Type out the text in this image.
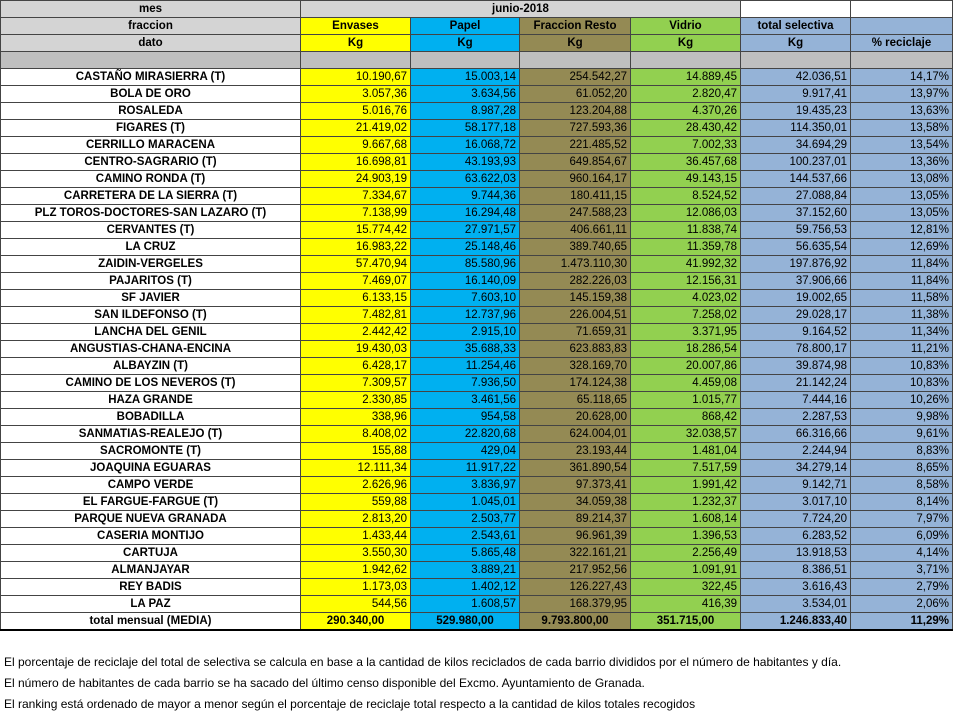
mes	junio-2018					
fraccion	Envases	Papel	Fraccion Resto	Vidrio	total selectiva	
dato	Kg	Kg	Kg	Kg	Kg	% reciclaje

CASTAÑO MIRASIERRA (T)	10.190,67	15.003,14	254.542,27	14.889,45	42.036,51	14,17%
BOLA DE ORO	3.057,36	3.634,56	61.052,20	2.820,47	9.917,41	13,97%
ROSALEDA	5.016,76	8.987,28	123.204,88	4.370,26	19.435,23	13,63%
FIGARES (T)	21.419,02	58.177,18	727.593,36	28.430,42	114.350,01	13,58%
CERRILLO MARACENA	9.667,68	16.068,72	221.485,52	7.002,33	34.694,29	13,54%
CENTRO-SAGRARIO (T)	16.698,81	43.193,93	649.854,67	36.457,68	100.237,01	13,36%
CAMINO RONDA (T)	24.903,19	63.622,03	960.164,17	49.143,15	144.537,66	13,08%
CARRETERA DE LA SIERRA (T)	7.334,67	9.744,36	180.411,15	8.524,52	27.088,84	13,05%
PLZ TOROS-DOCTORES-SAN LAZARO (T)	7.138,99	16.294,48	247.588,23	12.086,03	37.152,60	13,05%
CERVANTES (T)	15.774,42	27.971,57	406.661,11	11.838,74	59.756,53	12,81%
LA CRUZ	16.983,22	25.148,46	389.740,65	11.359,78	56.635,54	12,69%
ZAIDIN-VERGELES	57.470,94	85.580,96	1.473.110,30	41.992,32	197.876,92	11,84%
PAJARITOS (T)	7.469,07	16.140,09	282.226,03	12.156,31	37.906,66	11,84%
SF JAVIER	6.133,15	7.603,10	145.159,38	4.023,02	19.002,65	11,58%
SAN ILDEFONSO (T)	7.482,81	12.737,96	226.004,51	7.258,02	29.028,17	11,38%
LANCHA DEL GENIL	2.442,42	2.915,10	71.659,31	3.371,95	9.164,52	11,34%
ANGUSTIAS-CHANA-ENCINA	19.430,03	35.688,33	623.883,83	18.286,54	78.800,17	11,21%
ALBAYZIN (T)	6.428,17	11.254,46	328.169,70	20.007,86	39.874,98	10,83%
CAMINO DE LOS NEVEROS (T)	7.309,57	7.936,50	174.124,38	4.459,08	21.142,24	10,83%
HAZA GRANDE	2.330,85	3.461,56	65.118,65	1.015,77	7.444,16	10,26%
BOBADILLA	338,96	954,58	20.628,00	868,42	2.287,53	9,98%
SANMATIAS-REALEJO (T)	8.408,02	22.820,68	624.004,01	32.038,57	66.316,66	9,61%
SACROMONTE (T)	155,88	429,04	23.193,44	1.481,04	2.244,94	8,83%
JOAQUINA EGUARAS	12.111,34	11.917,22	361.890,54	7.517,59	34.279,14	8,65%
CAMPO VERDE	2.626,96	3.836,97	97.373,41	1.991,42	9.142,71	8,58%
EL FARGUE-FARGUE (T)	559,88	1.045,01	34.059,38	1.232,37	3.017,10	8,14%
PARQUE NUEVA GRANADA	2.813,20	2.503,77	89.214,37	1.608,14	7.724,20	7,97%
CASERIA MONTIJO	1.433,44	2.543,61	96.961,39	1.396,53	6.283,52	6,09%
CARTUJA	3.550,30	5.865,48	322.161,21	2.256,49	13.918,53	4,14%
ALMANJAYAR	1.942,62	3.889,21	217.952,56	1.091,91	8.386,51	3,71%
REY BADIS	1.173,03	1.402,12	126.227,43	322,45	3.616,43	2,79%
LA PAZ	544,56	1.608,57	168.379,95	416,39	3.534,01	2,06%
total mensual (MEDIA)	290.340,00	529.980,00	9.793.800,00	351.715,00	1.246.833,40	11,29%
El porcentaje de reciclaje del total de selectiva se calcula en base a la cantidad de kilos reciclados de cada barrio divididos por el número de habitantes y día.
El número de habitantes de cada barrio se ha sacado del último censo disponible del Excmo. Ayuntamiento de Granada.
El ranking está ordenado de mayor a menor según el porcentaje de reciclaje total respecto a la cantidad de kilos totales recogidos
